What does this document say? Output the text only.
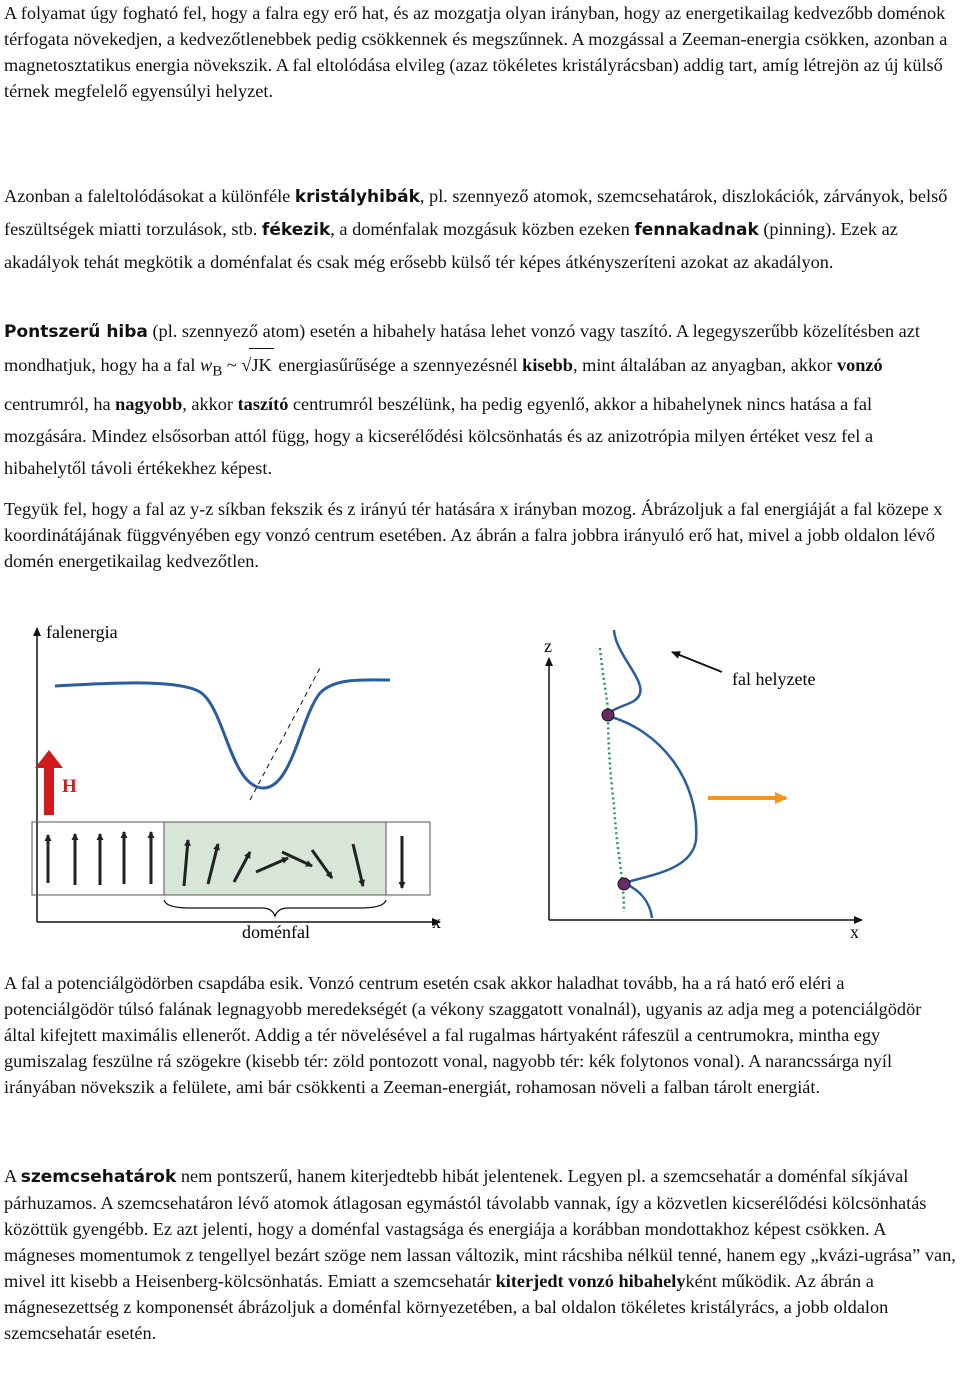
A folyamat úgy fogható fel, hogy a falra egy erő hat, és az mozgatja olyan irányban, hogy az energetikailag kedvezőbb doménok térfogata növekedjen, a kedvezőtlenebbek pedig csökkennek és megszűnnek. A mozgással a Zeeman-energia csökken, azonban a magnetosztatikus energia növekszik. A fal eltolódása elvileg (azaz tökéletes kristályrácsban) addig tart, amíg létrejön az új külső térnek megfelelő egyensúlyi helyzet.

Azonban a faleltolódásokat a különféle kristályhibák, pl. szennyező atomok, szemcsehatárok, diszlokációk, zárványok, belső feszültségek miatti torzulások, stb. fékezik, a doménfalak mozgásuk közben ezeken fennakadnak (pinning). Ezek az akadályok tehát megkötik a doménfalat és csak még erősebb külső tér képes átkényszeríteni azokat az akadályon.

Pontszerű hiba (pl. szennyező atom) esetén a hibahely hatása lehet vonzó vagy taszító. A legegyszerűbb közelítésben azt mondhatjuk, hogy ha a fal $w_B$ ~ √JK energiasűrűsége a szennyezésnél kisebb, mint általában az anyagban, akkor vonzó centrumról, ha nagyobb, akkor taszító centrumról beszélünk, ha pedig egyenlő, akkor a hibahelynek nincs hatása a fal mozgására. Mindez elsősorban attól függ, hogy a kicserélődési kölcsönhatás és az anizotrópia milyen értéket vesz fel a hibahelytől távoli értékekhez képest.

Tegyük fel, hogy a fal az y-z síkban fekszik és z irányú tér hatására x irányban mozog. Ábrázoljuk a fal energiáját a fal közepe x koordinátájának függvényében egy vonzó centrum esetében. Az ábrán a falra jobbra irányuló erő hat, mivel a jobb oldalon lévő domén energetikailag kedvezőtlen.

falenergia
x
H
doménfal
z
x
fal helyzete

A fal a potenciálgödörben csapdába esik. Vonzó centrum esetén csak akkor haladhat tovább, ha a rá ható erő eléri a potenciálgödör túlsó falának legnagyobb meredekségét (a vékony szaggatott vonalnál), ugyanis az adja meg a potenciálgödör által kifejtett maximális ellenerőt. Addig a tér növelésével a fal rugalmas hártyaként ráfeszül a centrumokra, mintha egy gumiszalag feszülne rá szögekre (kisebb tér: zöld pontozott vonal, nagyobb tér: kék folytonos vonal). A narancssárga nyíl irányában növekszik a felülete, ami bár csökkenti a Zeeman-energiát, rohamosan növeli a falban tárolt energiát.

A szemcsehatárok nem pontszerű, hanem kiterjedtebb hibát jelentenek. Legyen pl. a szemcsehatár a doménfal síkjával párhuzamos. A szemcsehatáron lévő atomok átlagosan egymástól távolabb vannak, így a közvetlen kicserélődési kölcsönhatás közöttük gyengébb. Ez azt jelenti, hogy a doménfal vastagsága és energiája a korábban mondottakhoz képest csökken. A mágneses momentumok z tengellyel bezárt szöge nem lassan változik, mint rácshiba nélkül tenné, hanem egy „kvázi-ugrása” van, mivel itt kisebb a Heisenberg-kölcsönhatás. Emiatt a szemcsehatár kiterjedt vonzó hibahelyként működik. Az ábrán a mágnesezettség z komponensét ábrázoljuk a doménfal környezetében, a bal oldalon tökéletes kristályrács, a jobb oldalon szemcsehatár esetén.
